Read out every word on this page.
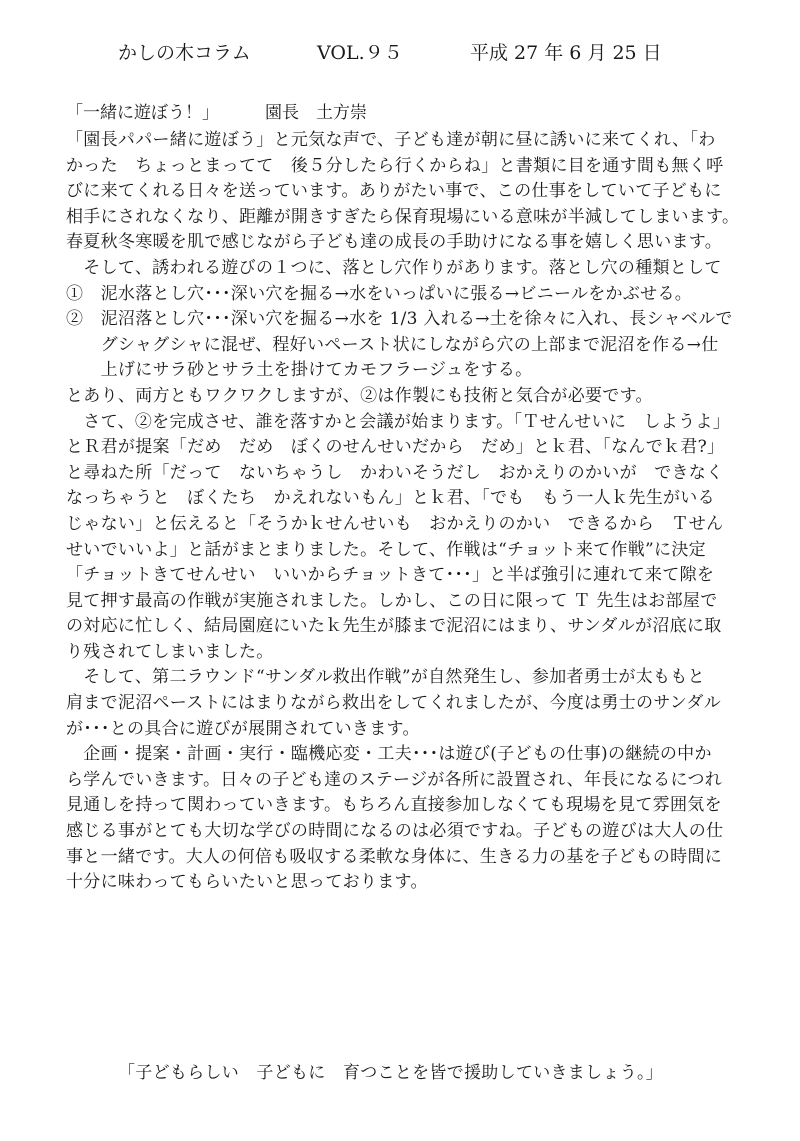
かしの木コラム	VOL.９５	平成 27 年 6 月 25 日
「一緒に遊ぼう！」	園長　土方崇
「園長パパー緒に遊ぼう」と元気な声で、子ども達が朝に昼に誘いに来てくれ、「わ
かった　ちょっとまってて　後５分したら行くからね」と書類に目を通す間も無く呼
びに来てくれる日々を送っています。ありがたい事で、この仕事をしていて子どもに
相手にされなくなり、距離が開きすぎたら保育現場にいる意味が半減してしまいます。
春夏秋冬寒暖を肌で感じながら子ども達の成長の手助けになる事を嬉しく思います。
　そして、誘われる遊びの１つに、落とし穴作りがあります。落とし穴の種類として
①　泥水落とし穴･･･深い穴を掘る→水をいっぱいに張る→ビニールをかぶせる。
②　泥沼落とし穴･･･深い穴を掘る→水を 1/3 入れる→土を徐々に入れ、長シャベルで
　　グシャグシャに混ぜ、程好いペースト状にしながら穴の上部まで泥沼を作る→仕
　　上げにサラ砂とサラ土を掛けてカモフラージュをする。
とあり、両方ともワクワクしますが、②は作製にも技術と気合が必要です。
　さて、②を完成させ、誰を落すかと会議が始まります。「Ｔせんせいに　しようよ」
とＲ君が提案「だめ　だめ　ぼくのせんせいだから　だめ」とｋ君、「なんでｋ君?」
と尋ねた所「だって　ないちゃうし　かわいそうだし　おかえりのかいが　できなく
なっちゃうと　ぼくたち　かえれないもん」とｋ君、「でも　もう一人ｋ先生がいる
じゃない」と伝えると「そうかｋせんせいも　おかえりのかい　できるから　Ｔせん
せいでいいよ」と話がまとまりました。そして、作戦は“チョット来て作戦”に決定
「チョットきてせんせい　いいからチョットきて･･･」と半ば強引に連れて来て隙を
見て押す最高の作戦が実施されました。しかし、この日に限って Ｔ 先生はお部屋で
の対応に忙しく、結局園庭にいたｋ先生が膝まで泥沼にはまり、サンダルが沼底に取
り残されてしまいました。
　そして、第二ラウンド“サンダル救出作戦”が自然発生し、参加者勇士が太ももと
肩まで泥沼ペーストにはまりながら救出をしてくれましたが、今度は勇士のサンダル
が･･･との具合に遊びが展開されていきます。
　企画・提案・計画・実行・臨機応変・工夫･･･は遊び(子どもの仕事)の継続の中か
ら学んでいきます。日々の子ども達のステージが各所に設置され、年長になるにつれ
見通しを持って関わっていきます。もちろん直接参加しなくても現場を見て雰囲気を
感じる事がとても大切な学びの時間になるのは必須ですね。子どもの遊びは大人の仕
事と一緒です。大人の何倍も吸収する柔軟な身体に、生きる力の基を子どもの時間に
十分に味わってもらいたいと思っております。
「子どもらしい　子どもに　育つことを皆で援助していきましょう。」
